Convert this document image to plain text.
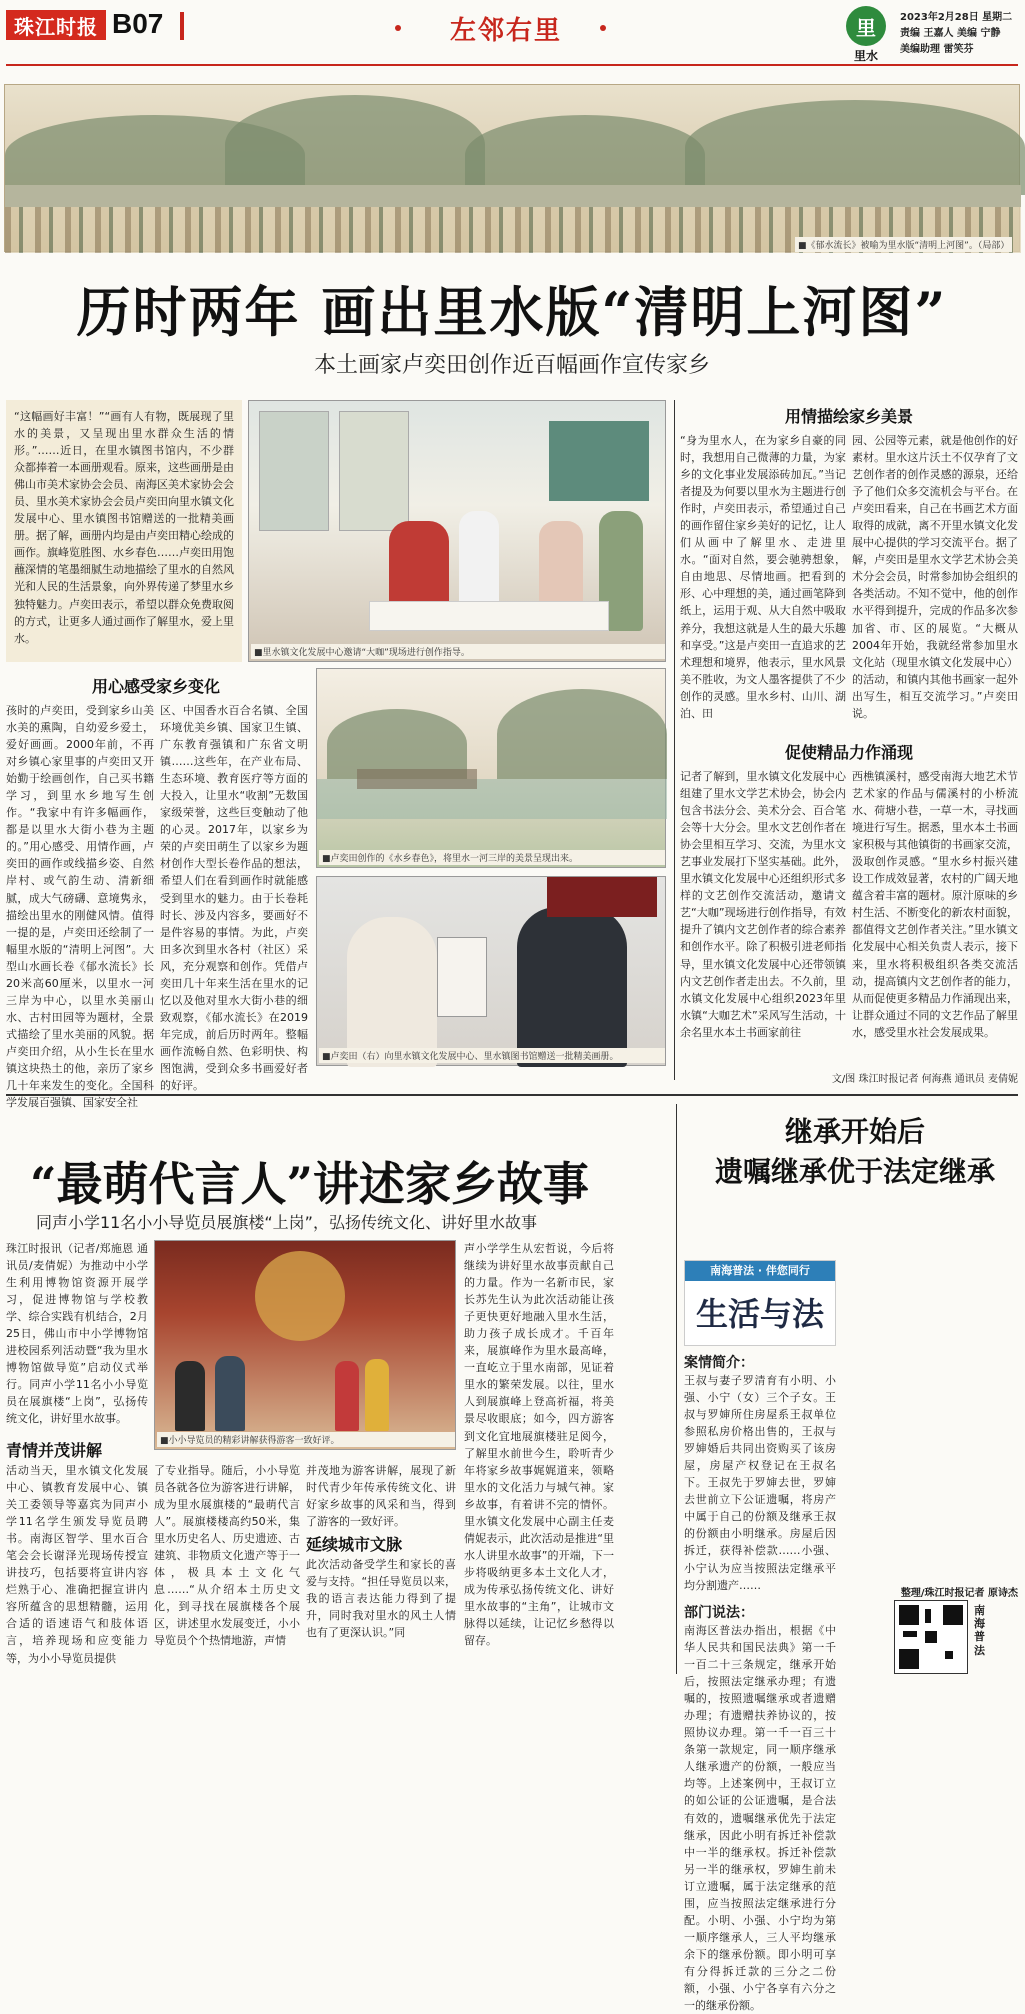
珠江时报 B07	左邻右里	里
里水
2023年2月28日 星期二
责编 王嘉人 美编 宁静
美编助理 雷笑芬
■《郁水流长》被喻为里水版“清明上河图”。（局部）
历时两年 画出里水版“清明上河图”
本土画家卢奕田创作近百幅画作宣传家乡
“这幅画好丰富！”“画有人有物，既展现了里水的美景，又呈现出里水群众生活的情形。”……近日，在里水镇图书馆内，不少群众都捧着一本画册观看。原来，这些画册是由佛山市美术家协会会员、南海区美术家协会会员、里水美术家协会会员卢奕田向里水镇文化发展中心、里水镇图书馆赠送的一批精美画册。据了解，画册内均是由卢奕田精心绘成的画作。旗峰览胜图、水乡春色……卢奕田用饱蘸深情的笔墨细腻生动地描绘了里水的自然风光和人民的生活景象，向外界传递了梦里水乡独特魅力。卢奕田表示，希望以群众免费取阅的方式，让更多人通过画作了解里水，爱上里水。
■里水镇文化发展中心邀请“大咖”现场进行创作指导。
用心感受家乡变化
孩时的卢奕田，受到家乡山美水美的熏陶，自幼爱乡爱土，爱好画画。2000年前，不再对乡镇心家里事的卢奕田又开始勤于绘画创作，自己买书籍学习，到里水乡地写生创作。“我家中有许多幅画作，都是以里水大街小巷为主题的。”用心感受、用情作画，卢奕田的画作或线描乡姿、自然岸村、或气韵生动、清新细腻，成大气磅礴、意境隽永，描绘出里水的刚健风情。值得一提的是，卢奕田还绘制了一幅里水版的“清明上河图”。大型山水画长卷《郁水流长》长20米高60厘米，以里水一河三岸为中心，以里水美丽山水、古村田园等为题材，全景式描绘了里水美丽的风貌。据卢奕田介绍，从小生长在里水镇这块热土的他，亲历了家乡几十年来发生的变化。全国科学发展百强镇、国家安全社
区、中国香水百合名镇、全国环境优美乡镇、国家卫生镇、广东教育强镇和广东省文明镇……这些年，在产业布局、生态环境、教育医疗等方面的大投入，让里水“收割”无数国家级荣誉，这些巨变触动了他的心灵。2017年，以家乡为荣的卢奕田萌生了以家乡为题材创作大型长卷作品的想法，希望人们在看到画作时就能感受到里水的魅力。由于长卷耗时长、涉及内容多，要画好不是件容易的事情。为此，卢奕田多次到里水各村（社区）采风，充分观察和创作。凭借卢奕田几十年来生活在里水的记忆以及他对里水大街小巷的细致观察，《郁水流长》在2019年完成，前后历时两年。整幅画作流畅自然、色彩明快、构图饱满，受到众多书画爱好者的好评。
■卢奕田创作的《水乡春色》，将里水一河三岸的美景呈现出来。
■卢奕田（右）向里水镇文化发展中心、里水镇图书馆赠送一批精美画册。
用情描绘家乡美景
“身为里水人，在为家乡自豪的同时，我想用自己微薄的力量，为家乡的文化事业发展添砖加瓦。”当记者提及为何要以里水为主题进行创作时，卢奕田表示，希望通过自己的画作留住家乡美好的记忆，让人们从画中了解里水、走进里水。“面对自然，要会驰骋想象，自由地思、尽情地画。把看到的形、心中理想的美，通过画笔降到纸上，运用于观、从大自然中吸取养分，我想这就是人生的最大乐趣和享受。”这是卢奕田一直追求的艺术理想和境界，他表示，里水风景美不胜收，为文人墨客提供了不少创作的灵感。里水乡村、山川、湖泊、田
园、公园等元素，就是他创作的好素材。里水这片沃土不仅孕育了文艺创作者的创作灵感的源泉，还给予了他们众多交流机会与平台。在卢奕田看来，自己在书画艺术方面取得的成就，离不开里水镇文化发展中心提供的学习交流平台。据了解，卢奕田是里水文学艺术协会美术分会会员，时常参加协会组织的各类活动。不知不觉中，他的创作水平得到提升，完成的作品多次参加省、市、区的展览。“大概从2004年开始，我就经常参加里水文化站（现里水镇文化发展中心）的活动，和镇内其他书画家一起外出写生，相互交流学习。”卢奕田说。
促使精品力作涌现
记者了解到，里水镇文化发展中心组建了里水文学艺术协会，协会内包含书法分会、美术分会、百合笔会等十大分会。里水文艺创作者在协会里相互学习、交流，为里水文艺事业发展打下坚实基础。此外，里水镇文化发展中心还组织形式多样的文艺创作交流活动，邀请文艺“大咖”现场进行创作指导，有效提升了镇内文艺创作者的综合素养和创作水平。除了积极引进老师指导，里水镇文化发展中心还带领镇内文艺创作者走出去。不久前，里水镇文化发展中心组织2023年里水镇“大咖艺术”采风写生活动，十余名里水本土书画家前往
西樵镇溪村，感受南海大地艺术节艺术家的作品与儒溪村的小桥流水、荷塘小巷，一草一木，寻找画境进行写生。据悉，里水本土书画家积极与其他镇街的书画家交流，汲取创作灵感。“里水乡村振兴建设工作成效显著，农村的广阔天地蕴含着丰富的题材。原汁原味的乡村生活、不断变化的新农村面貌，都值得文艺创作者关注。”里水镇文化发展中心相关负责人表示，接下来，里水将积极组织各类交流活动，提高镇内文艺创作者的能力，从而促使更多精品力作涌现出来，让群众通过不同的文艺作品了解里水，感受里水社会发展成果。
文/图 珠江时报记者 何海燕 通讯员 麦倩妮
“最萌代言人”讲述家乡故事
同声小学11名小小导览员展旗楼“上岗”，弘扬传统文化、讲好里水故事
珠江时报讯（记者/郑施恩 通讯员/麦倩妮）为推动中小学生利用博物馆资源开展学习，促进博物馆与学校教学、综合实践有机结合，2月25日，佛山市中小学博物馆进校园系列活动暨“我为里水博物馆做导览”启动仪式举行。同声小学11名小小导览员在展旗楼“上岗”，弘扬传统文化，讲好里水故事。
青情并茂讲解
活动当天，里水镇文化发展中心、镇教育发展中心、镇关工委领导等嘉宾为同声小学11名学生颁发导览员聘书。南海区智学、里水百合笔会会长谢泽光现场传授宣讲技巧，包括要将宣讲内容烂熟于心、准确把握宣讲内容所蕴含的思想精髓，运用合适的语速语气和肢体语言，培养现场和应变能力等，为小小导览员提供
■小小导览员的精彩讲解获得游客一致好评。
了专业指导。随后，小小导览员各就各位为游客进行讲解，成为里水展旗楼的“最萌代言人”。展旗楼楼高约50米，集里水历史名人、历史遗迹、古建筑、非物质文化遗产等于一体，极具本土文化气息……“从介绍本土历史文化，到寻找在展旗楼各个展区，讲述里水发展变迁，小小导览员个个热情地游，声情
并茂地为游客讲解，展现了新时代青少年传承传统文化、讲好家乡故事的风采和当，得到了游客的一致好评。
延续城市文脉
此次活动备受学生和家长的喜爱与支持。“担任导览员以来，我的语言表达能力得到了提升，同时我对里水的风土人情也有了更深认识。”同
声小学学生从宏哲说，今后将继续为讲好里水故事贡献自己的力量。作为一名新市民，家长苏先生认为此次活动能让孩子更快更好地融入里水生活，助力孩子成长成才。千百年来，展旗峰作为里水最高峰，一直屹立于里水南部，见证着里水的繁荣发展。以往，里水人到展旗峰上登高祈福，将美景尽收眼底；如今，四方游客到文化宜地展旗楼驻足阅今，了解里水前世今生，聆听青少年将家乡故事娓娓道来，领略里水的文化活力与城气神。家乡故事，有着讲不完的情怀。里水镇文化发展中心副主任麦倩妮表示，此次活动是推进“里水人讲里水故事”的开端，下一步将吸纳更多本土文化人才，成为传承弘扬传统文化、讲好里水故事的“主角”，让城市文脉得以延续，让记忆乡愁得以留存。
继承开始后
遗嘱继承优于法定继承
南海普法 · 伴您同行
生活与法
案情简介：
王叔与妻子罗清育有小明、小强、小宁（女）三个子女。王叔与罗婶所住房屋系王叔单位参照私房价格出售的，王叔与罗婶婚后共同出资购买了该房屋，房屋产权登记在王叔名下。王叔先于罗婶去世，罗婶去世前立下公证遗嘱，将房产中属于自己的份额及继承王叔的份额由小明继承。房屋后因拆迁，获得补偿款……小强、小宁认为应当按照法定继承平均分割遗产……
部门说法：
南海区普法办指出，根据《中华人民共和国民法典》第一千一百二十三条规定，继承开始后，按照法定继承办理；有遗嘱的，按照遗嘱继承或者遗赠办理；有遗赠扶养协议的，按照协议办理。第一千一百三十条第一款规定，同一顺序继承人继承遗产的份额，一般应当均等。上述案例中，王叔订立的如公证的公证遗嘱，是合法有效的，遗嘱继承优先于法定继承，因此小明有拆迁补偿款中一半的继承权。拆迁补偿款另一半的继承权，罗婶生前未订立遗嘱，属于法定继承的范围，应当按照法定继承进行分配。小明、小强、小宁均为第一顺序继承人，三人平均继承余下的继承份额。即小明可享有分得拆迁款的三分之二份额，小强、小宁各享有六分之一的继承份额。
整理/珠江时报记者 原诗杰
南海普法
